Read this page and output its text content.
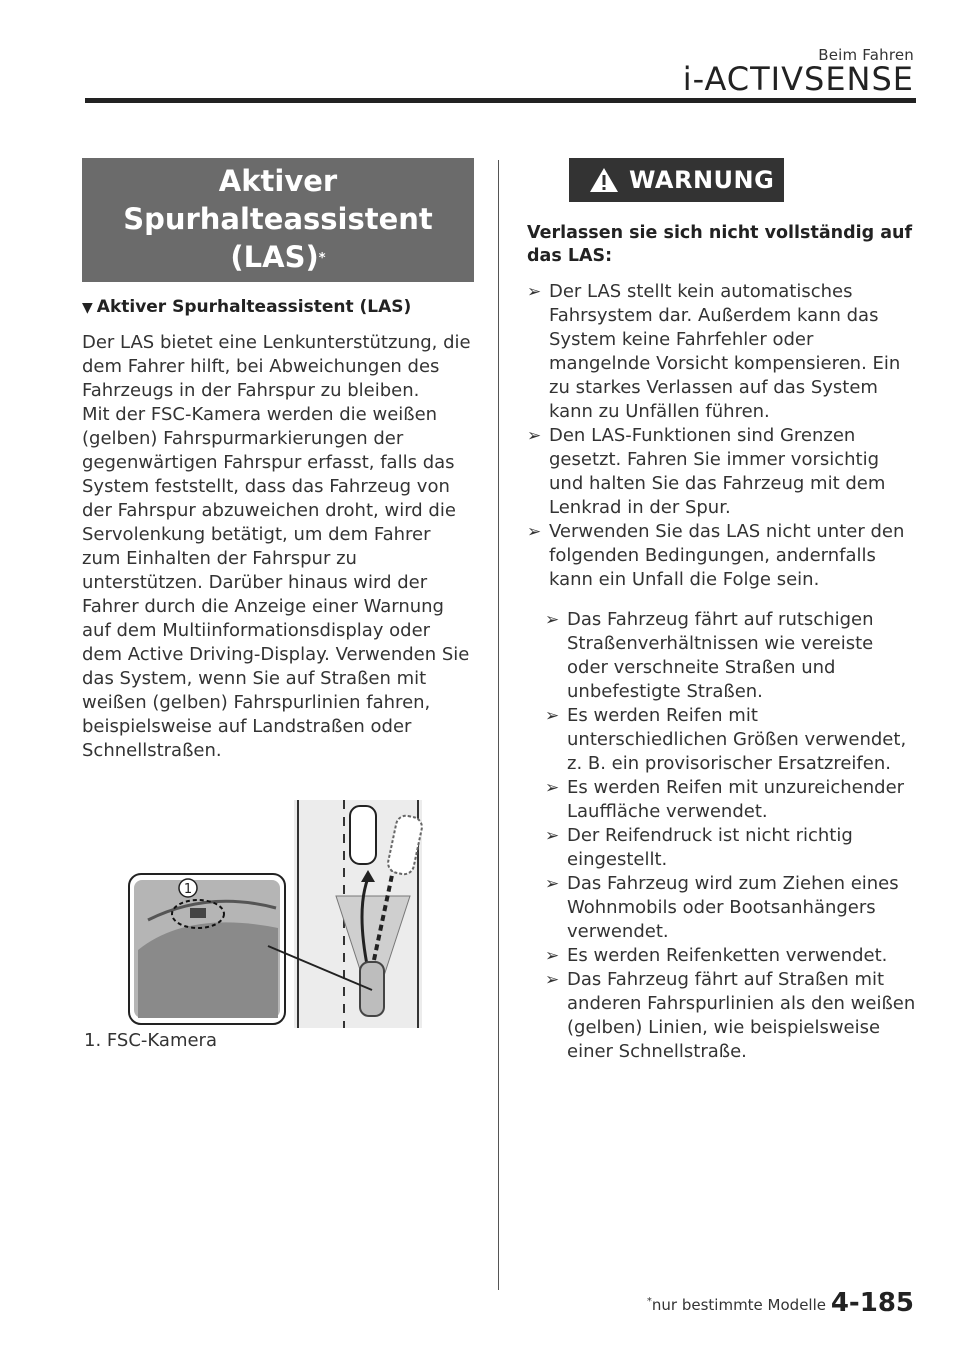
Beim Fahren
i-ACTIVSENSE
Aktiver Spurhalteassistent
(LAS)*
▼ Aktiver Spurhalteassistent (LAS)

Der LAS bietet eine Lenkunterstützung, die dem Fahrer hilft, bei Abweichungen des Fahrzeugs in der Fahrspur zu bleiben.

Mit der FSC-Kamera werden die weißen (gelben) Fahrspurmarkierungen der gegenwärtigen Fahrspur erfasst, falls das System feststellt, dass das Fahrzeug von der Fahrspur abzuweichen droht, wird die Servolenkung betätigt, um dem Fahrer zum Einhalten der Fahrspur zu unterstützen. Darüber hinaus wird der Fahrer durch die Anzeige einer Warnung auf dem Multiinformationsdisplay oder dem Active Driving-Display. Verwenden Sie das System, wenn Sie auf Straßen mit weißen (gelben) Fahrspurlinien fahren, beispielsweise auf Landstraßen oder Schnellstraßen.

1
1. FSC-Kamera
WARNUNG
Verlassen sie sich nicht vollständig auf das LAS:
➢ Der LAS stellt kein automatisches Fahrsystem dar. Außerdem kann das System keine Fahrfehler oder mangelnde Vorsicht kompensieren. Ein zu starkes Verlassen auf das System kann zu Unfällen führen.
➢ Den LAS-Funktionen sind Grenzen gesetzt. Fahren Sie immer vorsichtig und halten Sie das Fahrzeug mit dem Lenkrad in der Spur.
➢ Verwenden Sie das LAS nicht unter den folgenden Bedingungen, andernfalls kann ein Unfall die Folge sein.
➢ Das Fahrzeug fährt auf rutschigen Straßenverhältnissen wie vereiste oder verschneite Straßen und unbefestigte Straßen.
➢ Es werden Reifen mit unterschiedlichen Größen verwendet, z. B. ein provisorischer Ersatzreifen.
➢ Es werden Reifen mit unzureichender Lauffläche verwendet.
➢ Der Reifendruck ist nicht richtig eingestellt.
➢ Das Fahrzeug wird zum Ziehen eines Wohnmobils oder Bootsanhängers verwendet.
➢ Es werden Reifenketten verwendet.
➢ Das Fahrzeug fährt auf Straßen mit anderen Fahrspurlinien als den weißen (gelben) Linien, wie beispielsweise einer Schnellstraße.
*nur bestimmte Modelle 4-185
